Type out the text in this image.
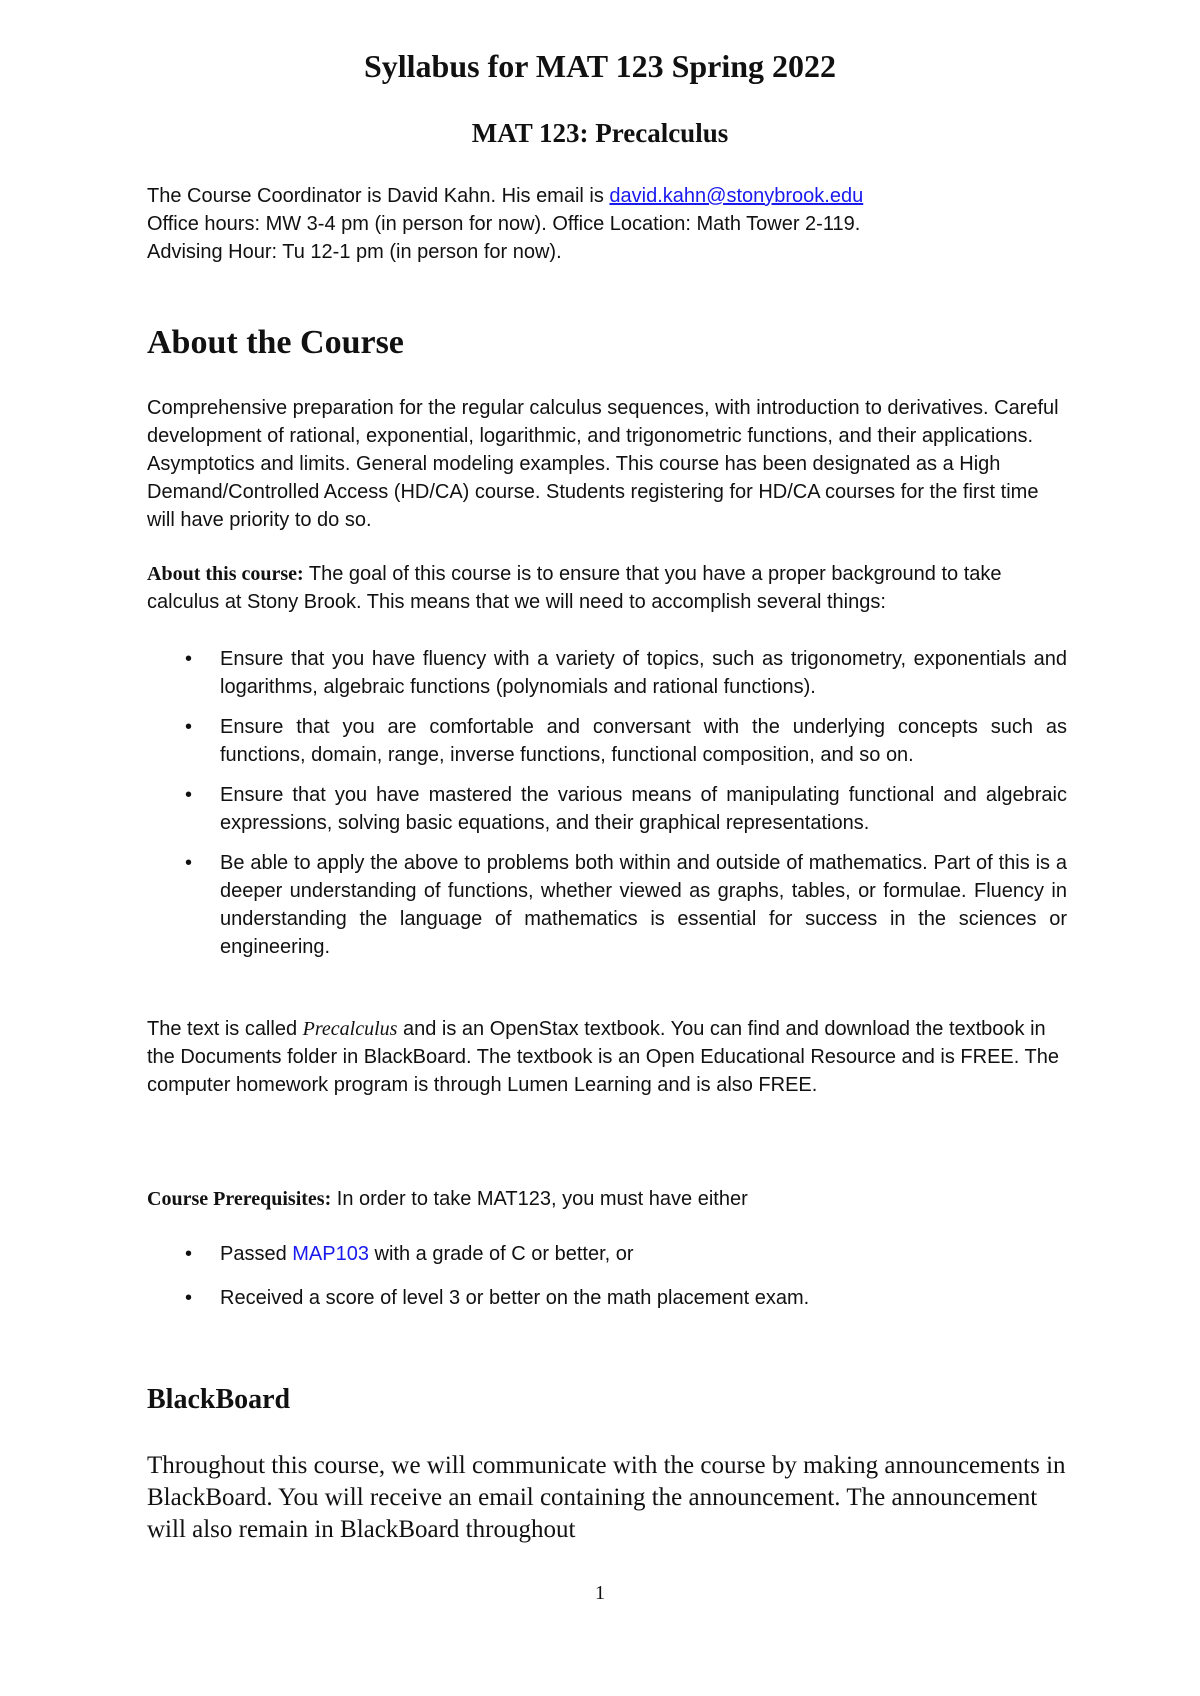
Syllabus for MAT 123 Spring 2022
MAT 123: Precalculus
The Course Coordinator is David Kahn. His email is david.kahn@stonybrook.edu
Office hours: MW 3-4 pm (in person for now). Office Location: Math Tower 2-119.
Advising Hour: Tu 12-1 pm (in person for now).
About the Course

Comprehensive preparation for the regular calculus sequences, with introduction to derivatives. Careful development of rational, exponential, logarithmic, and trigonometric functions, and their applications. Asymptotics and limits. General modeling examples. This course has been designated as a High Demand/Controlled Access (HD/CA) course. Students registering for HD/CA courses for the first time will have priority to do so.

About this course: The goal of this course is to ensure that you have a proper background to take calculus at Stony Brook. This means that we will need to accomplish several things:

• Ensure that you have fluency with a variety of topics, such as trigonometry, exponentials and logarithms, algebraic functions (polynomials and rational functions).
• Ensure that you are comfortable and conversant with the underlying concepts such as functions, domain, range, inverse functions, functional composition, and so on.
• Ensure that you have mastered the various means of manipulating functional and algebraic expressions, solving basic equations, and their graphical representations.
• Be able to apply the above to problems both within and outside of mathematics. Part of this is a deeper understanding of functions, whether viewed as graphs, tables, or formulae. Fluency in understanding the language of mathematics is essential for success in the sciences or engineering.

The text is called Precalculus and is an OpenStax textbook. You can find and download the textbook in the Documents folder in BlackBoard. The textbook is an Open Educational Resource and is FREE. The computer homework program is through Lumen Learning and is also FREE.

Course Prerequisites: In order to take MAT123, you must have either

• Passed MAP103 with a grade of C or better, or
• Received a score of level 3 or better on the math placement exam.
BlackBoard

Throughout this course, we will communicate with the course by making announcements in BlackBoard. You will receive an email containing the announcement. The announcement will also remain in BlackBoard throughout

1
